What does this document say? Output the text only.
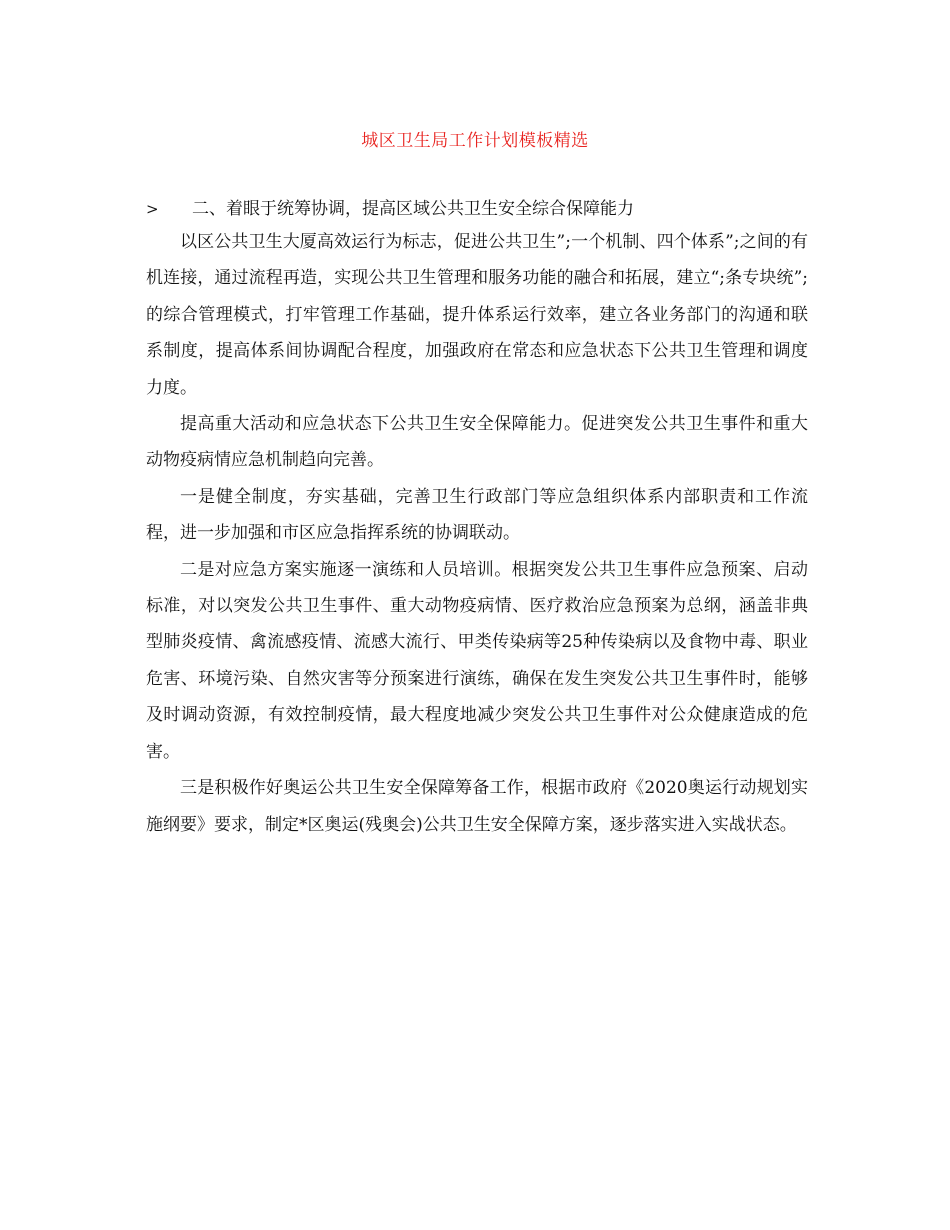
城区卫生局工作计划模板精选
> 二、着眼于统筹协调，提高区域公共卫生安全综合保障能力

以区公共卫生大厦高效运行为标志，促进公共卫生”;一个机制、四个体系”;之间的有机连接，通过流程再造，实现公共卫生管理和服务功能的融合和拓展，建立“;条专块统”;的综合管理模式，打牢管理工作基础，提升体系运行效率，建立各业务部门的沟通和联系制度，提高体系间协调配合程度，加强政府在常态和应急状态下公共卫生管理和调度力度。

提高重大活动和应急状态下公共卫生安全保障能力。促进突发公共卫生事件和重大动物疫病情应急机制趋向完善。

一是健全制度，夯实基础，完善卫生行政部门等应急组织体系内部职责和工作流程，进一步加强和市区应急指挥系统的协调联动。

二是对应急方案实施逐一演练和人员培训。根据突发公共卫生事件应急预案、启动标准，对以突发公共卫生事件、重大动物疫病情、医疗救治应急预案为总纲，涵盖非典型肺炎疫情、禽流感疫情、流感大流行、甲类传染病等25种传染病以及食物中毒、职业危害、环境污染、自然灾害等分预案进行演练，确保在发生突发公共卫生事件时，能够及时调动资源，有效控制疫情，最大程度地减少突发公共卫生事件对公众健康造成的危害。

三是积极作好奥运公共卫生安全保障筹备工作，根据市政府《2020奥运行动规划实施纲要》要求，制定*区奥运(残奥会)公共卫生安全保障方案，逐步落实进入实战状态。
